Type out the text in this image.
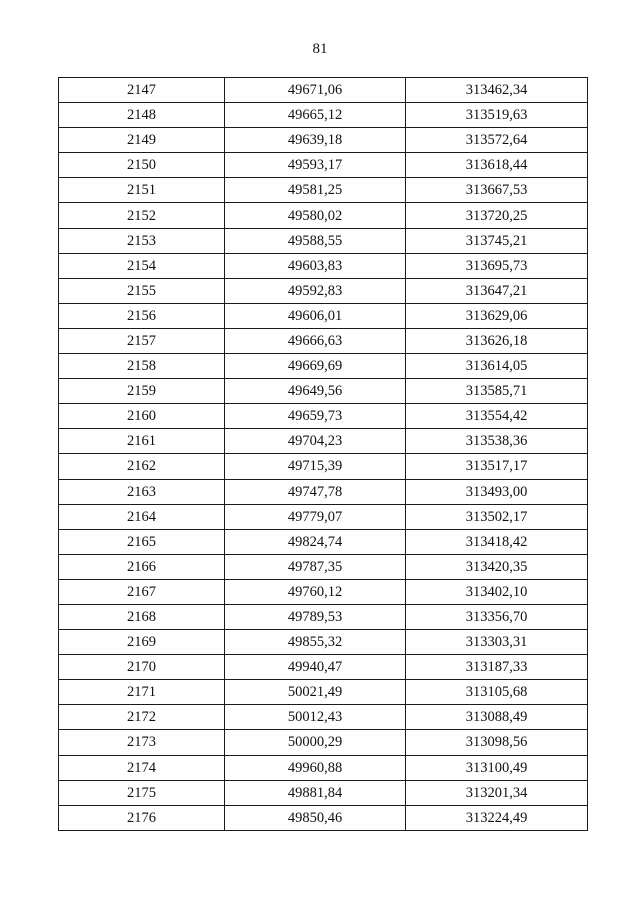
81
2147	49671,06	313462,34
2148	49665,12	313519,63
2149	49639,18	313572,64
2150	49593,17	313618,44
2151	49581,25	313667,53
2152	49580,02	313720,25
2153	49588,55	313745,21
2154	49603,83	313695,73
2155	49592,83	313647,21
2156	49606,01	313629,06
2157	49666,63	313626,18
2158	49669,69	313614,05
2159	49649,56	313585,71
2160	49659,73	313554,42
2161	49704,23	313538,36
2162	49715,39	313517,17
2163	49747,78	313493,00
2164	49779,07	313502,17
2165	49824,74	313418,42
2166	49787,35	313420,35
2167	49760,12	313402,10
2168	49789,53	313356,70
2169	49855,32	313303,31
2170	49940,47	313187,33
2171	50021,49	313105,68
2172	50012,43	313088,49
2173	50000,29	313098,56
2174	49960,88	313100,49
2175	49881,84	313201,34
2176	49850,46	313224,49
